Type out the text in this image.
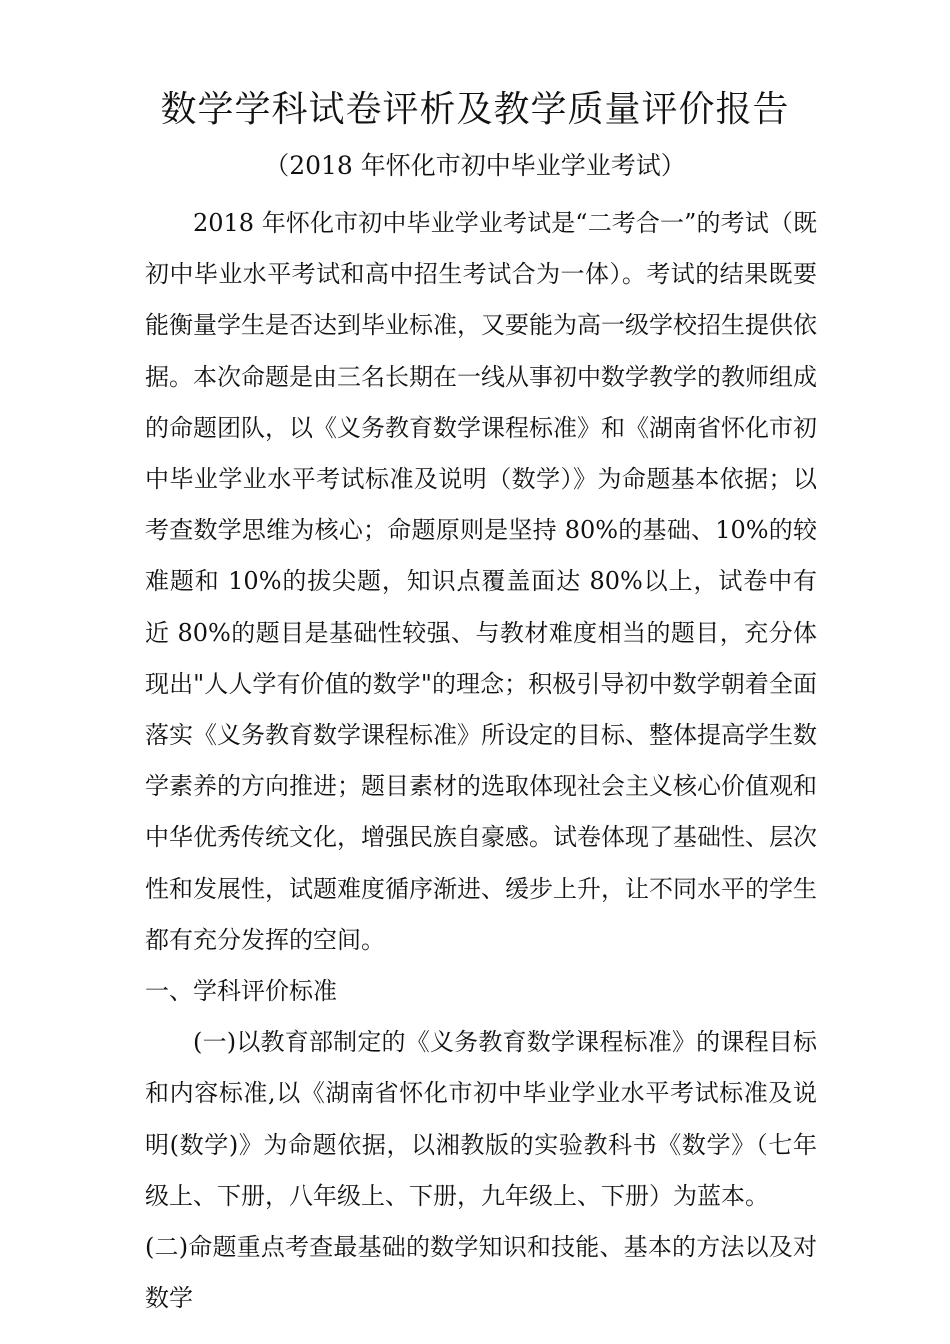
数学学科试卷评析及教学质量评价报告
（2018 年怀化市初中毕业学业考试）

2018 年怀化市初中毕业学业考试是“二考合一”的考试（既初中毕业水平考试和高中招生考试合为一体）。考试的结果既要能衡量学生是否达到毕业标准，又要能为高一级学校招生提供依据。本次命题是由三名长期在一线从事初中数学教学的教师组成的命题团队，以《义务教育数学课程标准》和《湖南省怀化市初中毕业学业水平考试标准及说明（数学）》为命题基本依据；以考查数学思维为核心；命题原则是坚持 80%的基础、10%的较难题和 10%的拔尖题，知识点覆盖面达 80%以上，试卷中有近 80%的题目是基础性较强、与教材难度相当的题目，充分体现出"人人学有价值的数学"的理念；积极引导初中数学朝着全面落实《义务教育数学课程标准》所设定的目标、整体提高学生数学素养的方向推进；题目素材的选取体现社会主义核心价值观和中华优秀传统文化，增强民族自豪感。试卷体现了基础性、层次性和发展性，试题难度循序渐进、缓步上升，让不同水平的学生都有充分发挥的空间。

一、学科评价标准

(一)以教育部制定的《义务教育数学课程标准》的课程目标和内容标准,以《湖南省怀化市初中毕业学业水平考试标准及说明(数学)》为命题依据，以湘教版的实验教科书《数学》（七年级上、下册，八年级上、下册，九年级上、下册）为蓝本。

(二)命题重点考查最基础的数学知识和技能、基本的方法以及对数学
